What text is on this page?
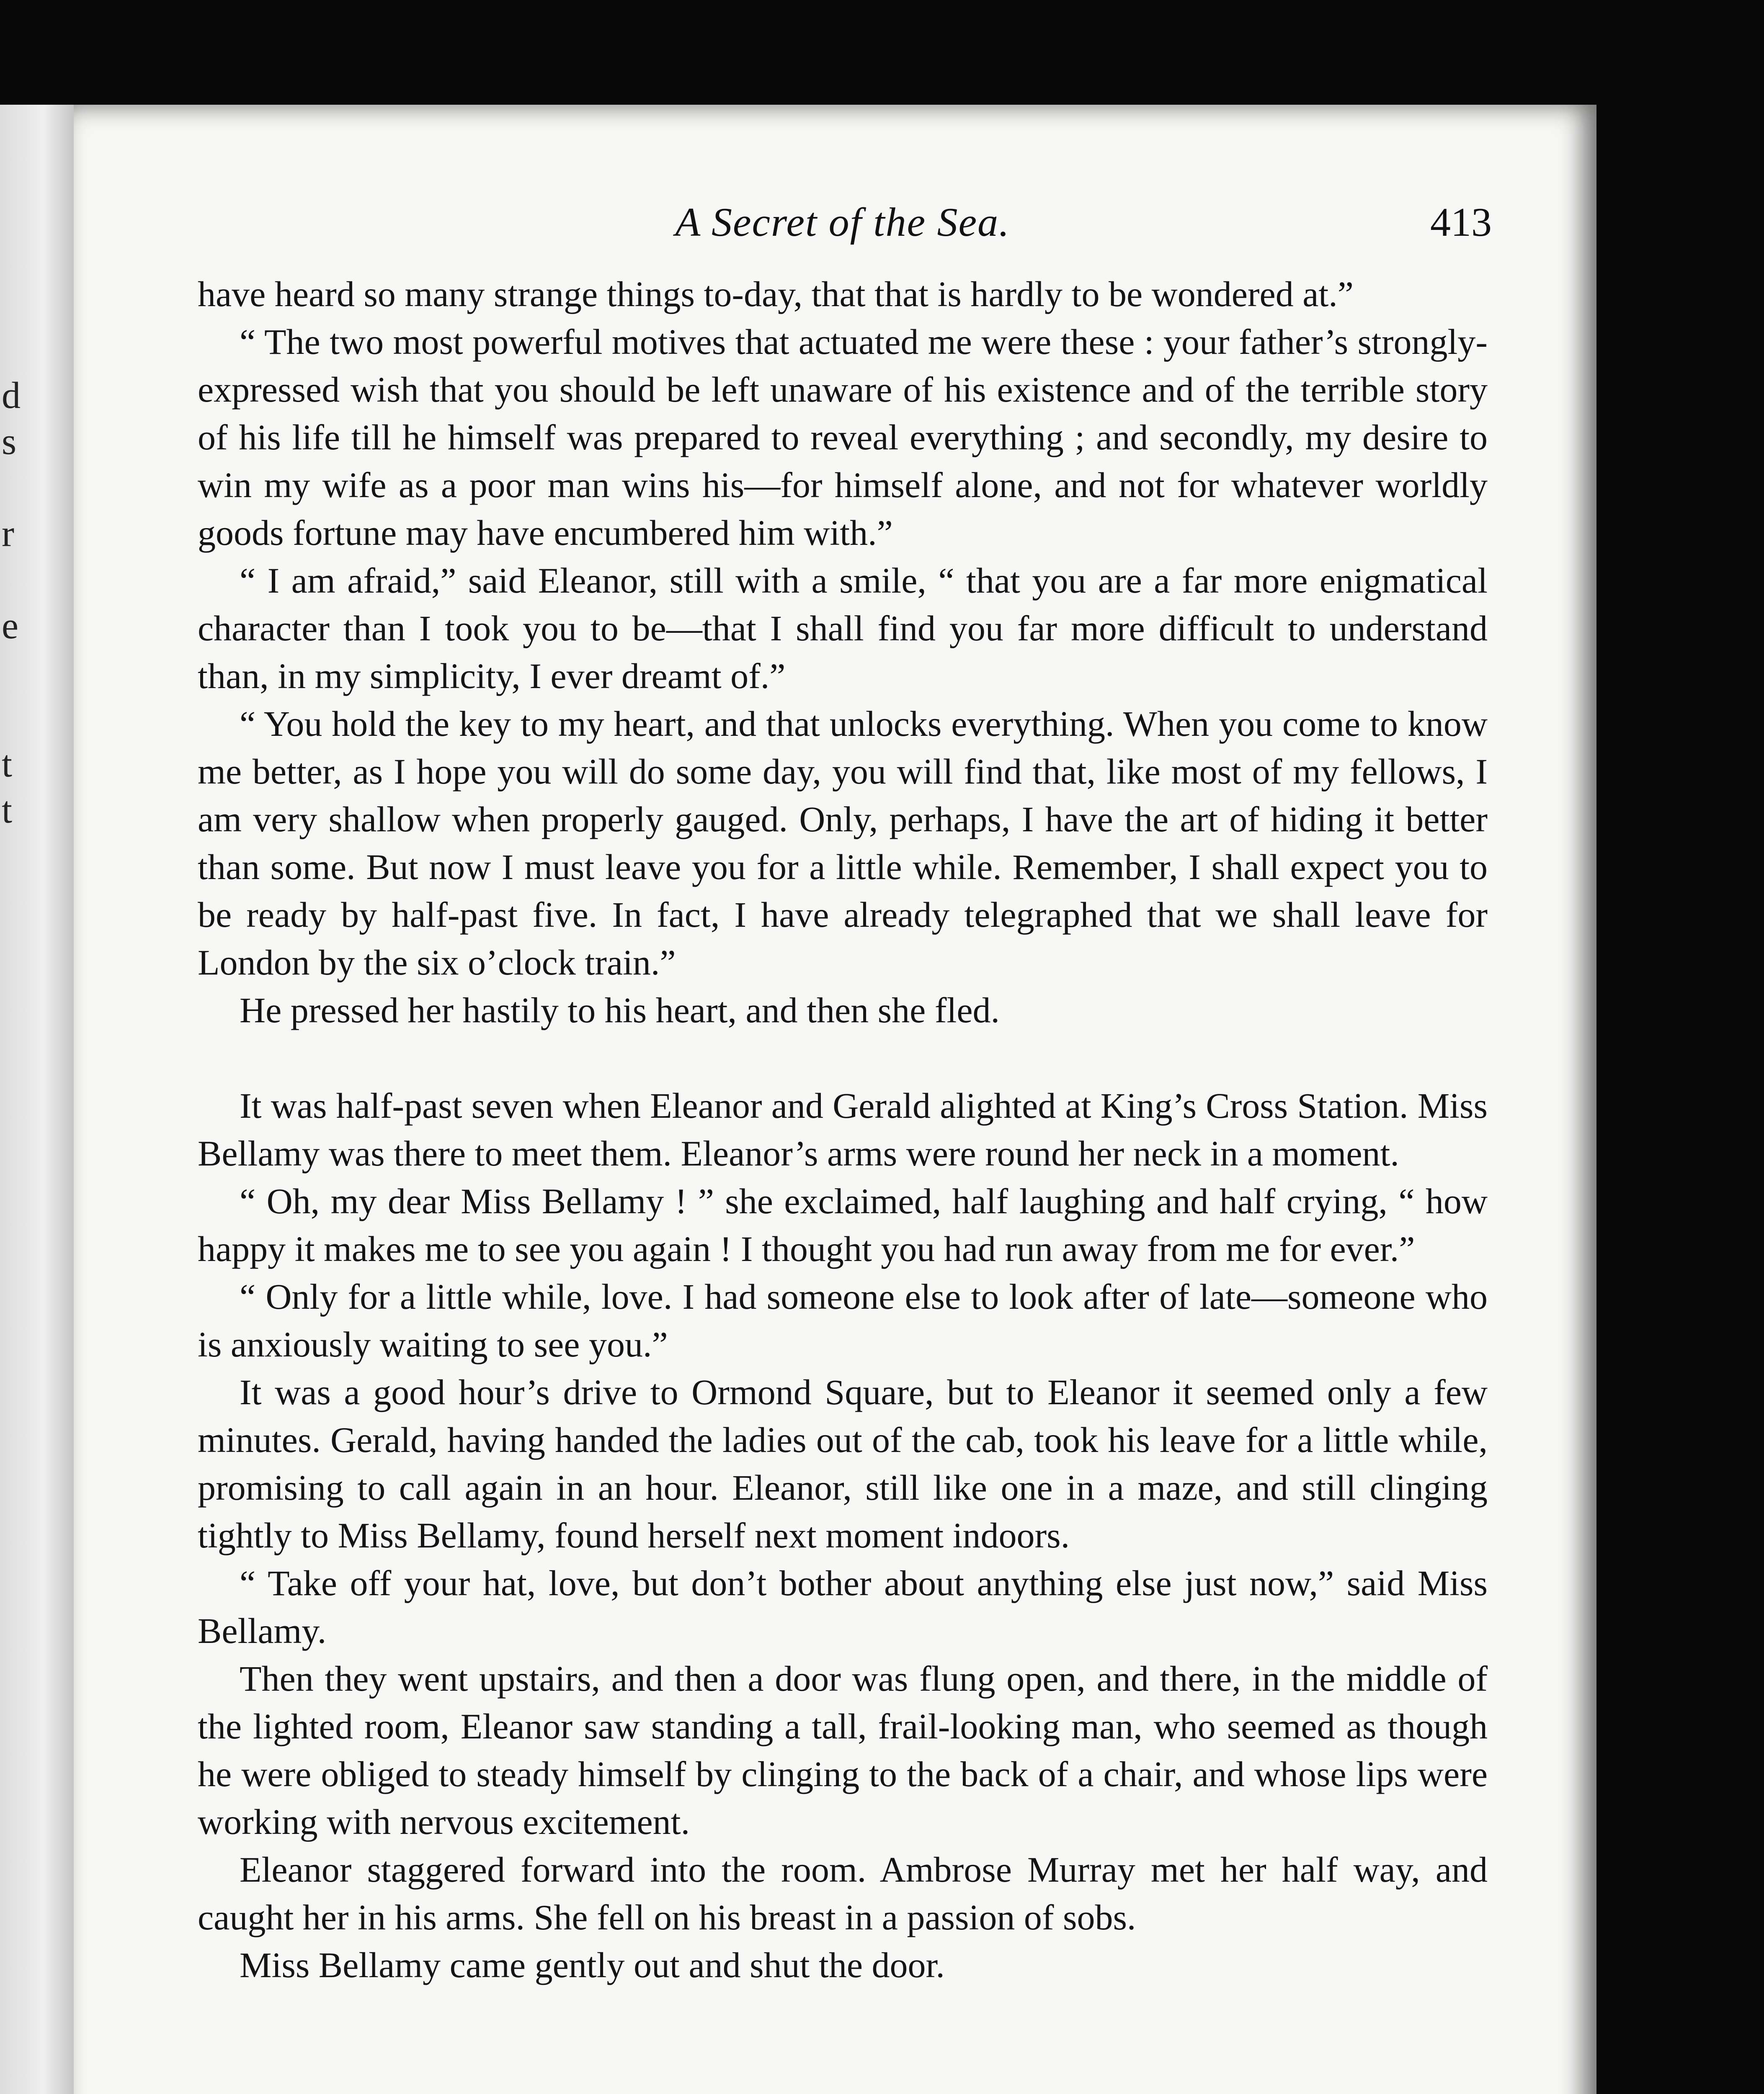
d
s

r

e

t
t

A Secret of the Sea.	413

have heard so many strange things to-day, that that is hardly to be wondered at.”

“ The two most powerful motives that actuated me were these : your father’s strongly-expressed wish that you should be left unaware of his existence and of the terrible story of his life till he himself was prepared to reveal everything ; and secondly, my desire to win my wife as a poor man wins his—for himself alone, and not for whatever worldly goods fortune may have encumbered him with.”

“ I am afraid,” said Eleanor, still with a smile, “ that you are a far more enigmatical character than I took you to be—that I shall find you far more difficult to understand than, in my simplicity, I ever dreamt of.”

“ You hold the key to my heart, and that unlocks everything. When you come to know me better, as I hope you will do some day, you will find that, like most of my fellows, I am very shallow when properly gauged. Only, perhaps, I have the art of hiding it better than some. But now I must leave you for a little while. Remember, I shall expect you to be ready by half-past five. In fact, I have already telegraphed that we shall leave for London by the six o’clock train.”

He pressed her hastily to his heart, and then she fled.

It was half-past seven when Eleanor and Gerald alighted at King’s Cross Station. Miss Bellamy was there to meet them. Eleanor’s arms were round her neck in a moment.

“ Oh, my dear Miss Bellamy ! ” she exclaimed, half laughing and half crying, “ how happy it makes me to see you again ! I thought you had run away from me for ever.”

“ Only for a little while, love. I had someone else to look after of late—someone who is anxiously waiting to see you.”

It was a good hour’s drive to Ormond Square, but to Eleanor it seemed only a few minutes. Gerald, having handed the ladies out of the cab, took his leave for a little while, promising to call again in an hour. Eleanor, still like one in a maze, and still clinging tightly to Miss Bellamy, found herself next moment indoors.

“ Take off your hat, love, but don’t bother about anything else just now,” said Miss Bellamy.

Then they went upstairs, and then a door was flung open, and there, in the middle of the lighted room, Eleanor saw standing a tall, frail-looking man, who seemed as though he were obliged to steady himself by clinging to the back of a chair, and whose lips were working with nervous excitement.

Eleanor staggered forward into the room. Ambrose Murray met her half way, and caught her in his arms. She fell on his breast in a passion of sobs.

Miss Bellamy came gently out and shut the door.
